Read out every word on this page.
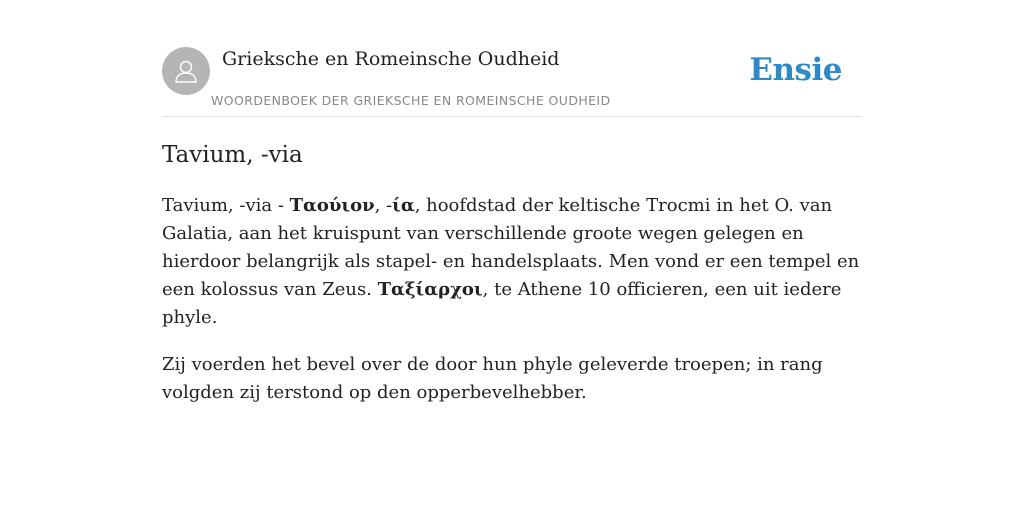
Grieksche en Romeinsche Oudheid
WOORDENBOEK DER GRIEKSCHE EN ROMEINSCHE OUDHEID
Ensie
Tavium, -via

Tavium, -via - Ταούιον, -ία, hoofdstad der keltische Trocmi in het O. van Galatia, aan het kruispunt van verschillende groote wegen gelegen en hierdoor belangrijk als stapel- en handelsplaats. Men vond er een tempel en een kolossus van Zeus. Ταξίαρχοι, te Athene 10 officieren, een uit iedere phyle.

Zij voerden het bevel over de door hun phyle geleverde troepen; in rang volgden zij terstond op den opperbevelhebber.
